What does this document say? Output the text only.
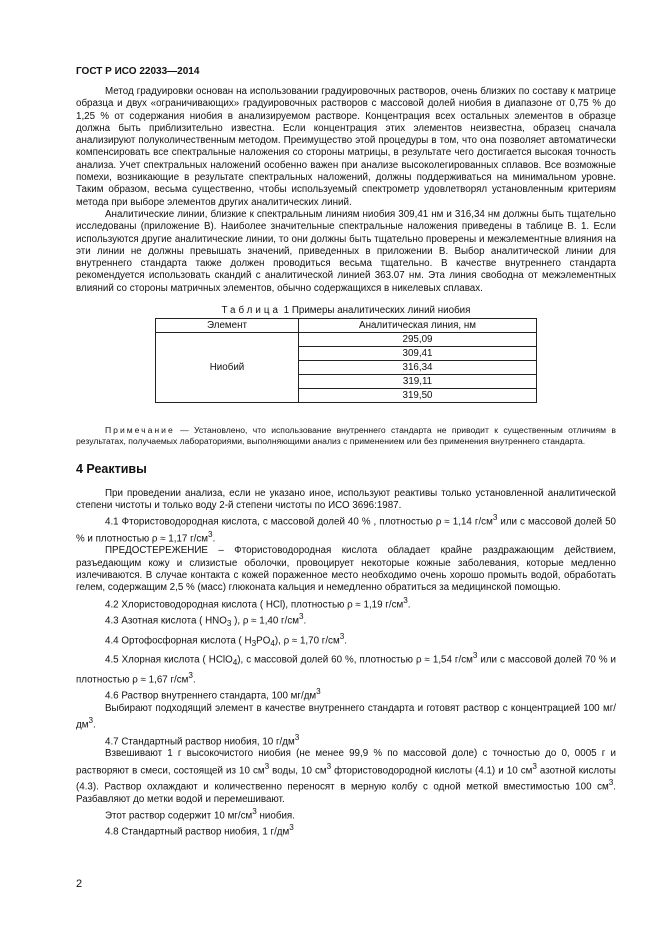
ГОСТ Р ИСО 22033—2014

Метод градуировки основан на использовании градуировочных растворов, очень близких по составу к матрице образца и двух «ограничивающих» градуировочных растворов с массовой долей ниобия в диапазоне от 0,75 % до 1,25 % от содержания ниобия в анализируемом растворе. Концентрация всех остальных элементов в образце должна быть приблизительно известна. Если концентрация этих элементов неизвестна, образец сначала анализируют полуколичественным методом. Преимущество этой процедуры в том, что она позволяет автоматически компенсировать все спектральные наложения со стороны матрицы, в результате чего достигается высокая точность анализа. Учет спектральных наложений особенно важен при анализе высоколегированных сплавов. Все возможные помехи, возникающие в результате спектральных наложений, должны поддерживаться на минимальном уровне. Таким образом, весьма существенно, чтобы используемый спектрометр удовлетворял установленным критериям метода при выборе элементов других аналитических линий.

Аналитические линии, близкие к спектральным линиям ниобия 309,41 нм и 316,34 нм должны быть тщательно исследованы (приложение В). Наиболее значительные спектральные наложения приведены в таблице В. 1. Если используются другие аналитические линии, то они должны быть тщательно проверены и межэлементные влияния на эти линии не должны превышать значений, приведенных в приложении В. Выбор аналитической линии для внутреннего стандарта также должен проводиться весьма тщательно. В качестве внутреннего стандарта рекомендуется использовать скандий с аналитической линией 363.07 нм. Эта линия свободна от межэлементных влияний со стороны матричных элементов, обычно содержащихся в никелевых сплавах.

Таблица 1 Примеры аналитических линий ниобия
Элемент	Аналитическая линия, нм
Ниобий	295,09
	309,41
	316,34
	319,11
	319,50
Примечание — Установлено, что использование внутреннего стандарта не приводит к существенным отличиям в результатах, получаемых лабораториями, выполняющими анализ с применением или без применения внутреннего стандарта.
4 Реактивы

При проведении анализа, если не указано иное, используют реактивы только установленной аналитической степени чистоты и только воду 2-й степени чистоты по ИСО 3696:1987.

4.1 Фтористоводородная кислота, с массовой долей 40 % , плотностью ρ ≈ 1,14 $г/см^3$ или с массовой долей 50 % и плотностью ρ ≈ 1,17 $г/см^3$.

ПРЕДОСТЕРЕЖЕНИЕ – Фтористоводородная кислота обладает крайне раздражающим действием, разъедающим кожу и слизистые оболочки, провоцирует некоторые кожные заболевания, которые медленно излечиваются. В случае контакта с кожей пораженное место необходимо очень хорошо промыть водой, обработать гелем, содержащим 2,5 % (масс) глюконата кальция и немедленно обратиться за медицинской помощью.

4.2 Хлористоводородная кислота ( HCl), плотностью ρ ≈ 1,19 $г/см^3$.

4.3 Азотная кислота ( $HNO_3$ ), ρ ≈ 1,40 $г/см^3$.

4.4 Ортофосфорная кислота ( $H_3PO_4$), ρ ≈ 1,70 $г/см^3$.

4.5 Хлорная кислота ( HClO$_4$), с массовой долей 60 %, плотностью ρ ≈ 1,54 $г/см^3$ или с массовой долей 70 % и плотностью ρ ≈ 1,67 $г/см^3$.

4.6 Раствор внутреннего стандарта, 100 $мг/дм^3$

Выбирают подходящий элемент в качестве внутреннего стандарта и готовят раствор с концентрацией 100 $мг/дм^3$.

4.7 Стандартный раствор ниобия, 10 $г/дм^3$

Взвешивают 1 г высокочистого ниобия (не менее 99,9 % по массовой доле) с точностью до 0, 0005 г и растворяют в смеси, состоящей из 10 $см^3$ воды, 10 $см^3$ фтористоводородной кислоты (4.1) и 10 $см^3$ азотной кислоты (4.3). Раствор охлаждают и количественно переносят в мерную колбу с одной меткой вместимостью 100 $см^3$. Разбавляют до метки водой и перемешивают.

Этот раствор содержит 10 $мг/см^3$ ниобия.

4.8 Стандартный раствор ниобия, 1 $г/дм^3$

2
